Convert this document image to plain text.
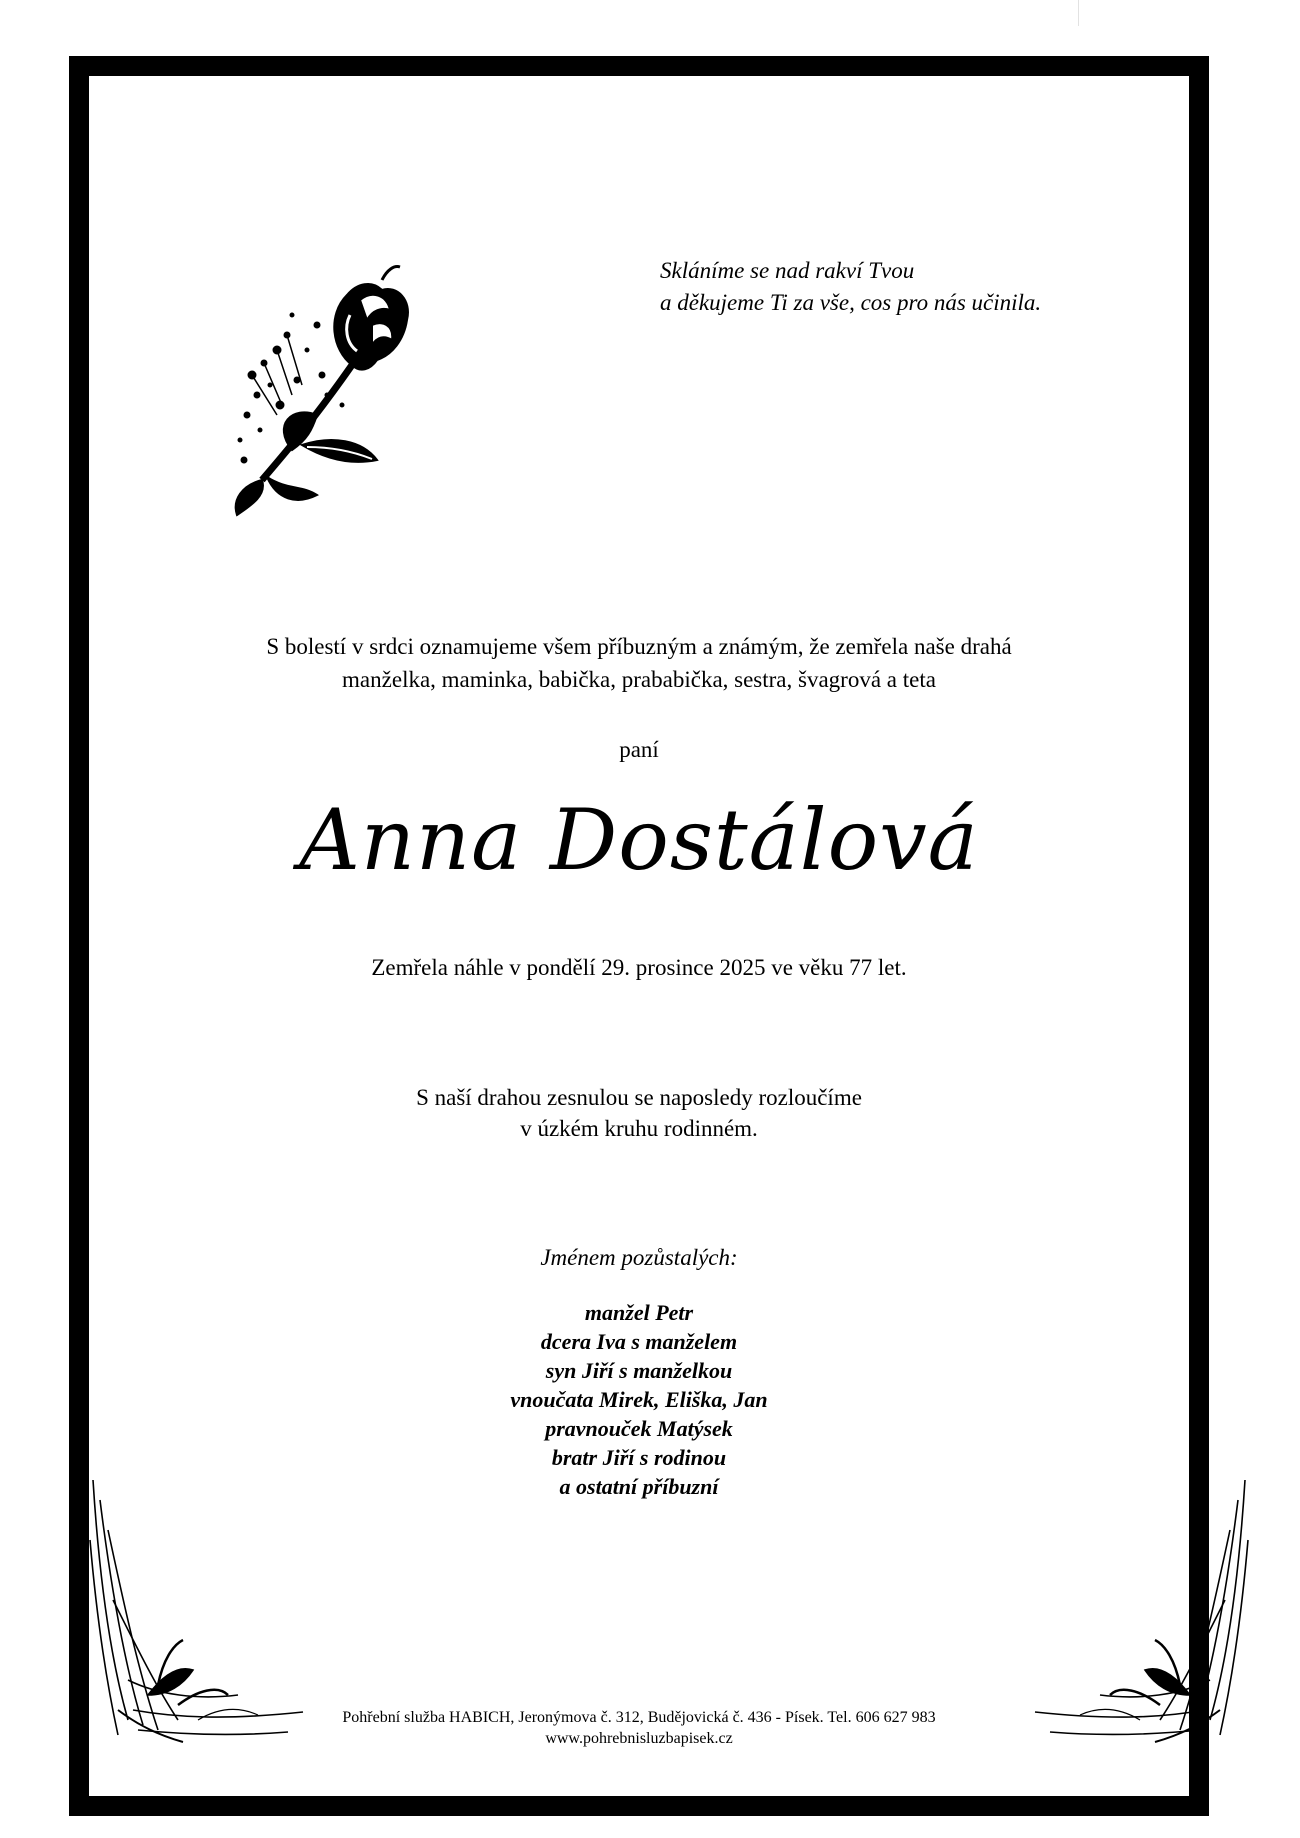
Skláníme se nad rakví Tvou
a děkujeme Ti za vše, cos pro nás učinila.
S bolestí v srdci oznamujeme všem příbuzným a známým, že zemřela naše drahá
manželka, maminka, babička, prababička, sestra, švagrová a teta
paní
Anna Dostálová
Zemřela náhle v pondělí 29. prosince 2025 ve věku 77 let.
S naší drahou zesnulou se naposledy rozloučíme
v úzkém kruhu rodinném.
Jménem pozůstalých:
manžel Petr
dcera Iva s manželem
syn Jiří s manželkou
vnoučata Mirek, Eliška, Jan
pravnouček Matýsek
bratr Jiří s rodinou
a ostatní příbuzní
Pohřební služba HABICH, Jeronýmova č. 312, Budějovická č. 436 - Písek. Tel. 606 627 983
www.pohrebnisluzbapisek.cz
